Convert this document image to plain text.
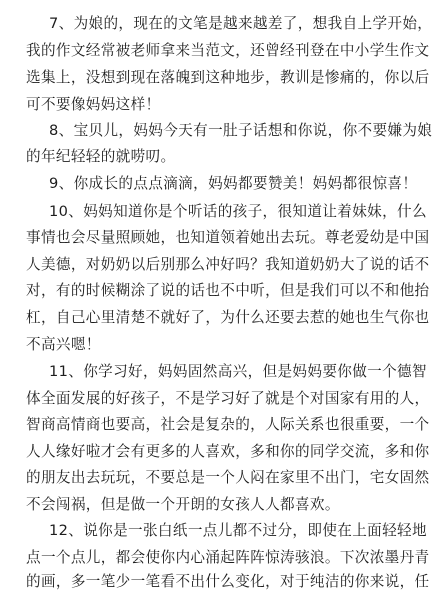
7、为娘的，现在的文笔是越来越差了，想我自上学开始，
我的作文经常被老师拿来当范文，还曾经刊登在中小学生作文
选集上，没想到现在落魄到这种地步，教训是惨痛的，你以后
可不要像妈妈这样！
8、宝贝儿，妈妈今天有一肚子话想和你说，你不要嫌为娘
的年纪轻轻的就唠叨。
9、你成长的点点滴滴，妈妈都要赞美！妈妈都很惊喜！
10、妈妈知道你是个听话的孩子，很知道让着妹妹，什么
事情也会尽量照顾她，也知道领着她出去玩。尊老爱幼是中国
人美德，对奶奶以后别那么冲好吗？我知道奶奶大了说的话不
对，有的时候糊涂了说的话也不中听，但是我们可以不和他抬
杠，自己心里清楚不就好了，为什么还要去惹的她也生气你也
不高兴嗯！
11、你学习好，妈妈固然高兴，但是妈妈要你做一个德智
体全面发展的好孩子，不是学习好了就是个对国家有用的人，
智商高情商也要高，社会是复杂的，人际关系也很重要，一个
人人缘好啦才会有更多的人喜欢，多和你的同学交流，多和你
的朋友出去玩玩，不要总是一个人闷在家里不出门，宅女固然
不会闯祸，但是做一个开朗的女孩人人都喜欢。
12、说你是一张白纸一点儿都不过分，即使在上面轻轻地
点一个点儿，都会使你内心涌起阵阵惊涛骇浪。下次浓墨丹青
的画，多一笔少一笔看不出什么变化，对于纯洁的你来说，任
